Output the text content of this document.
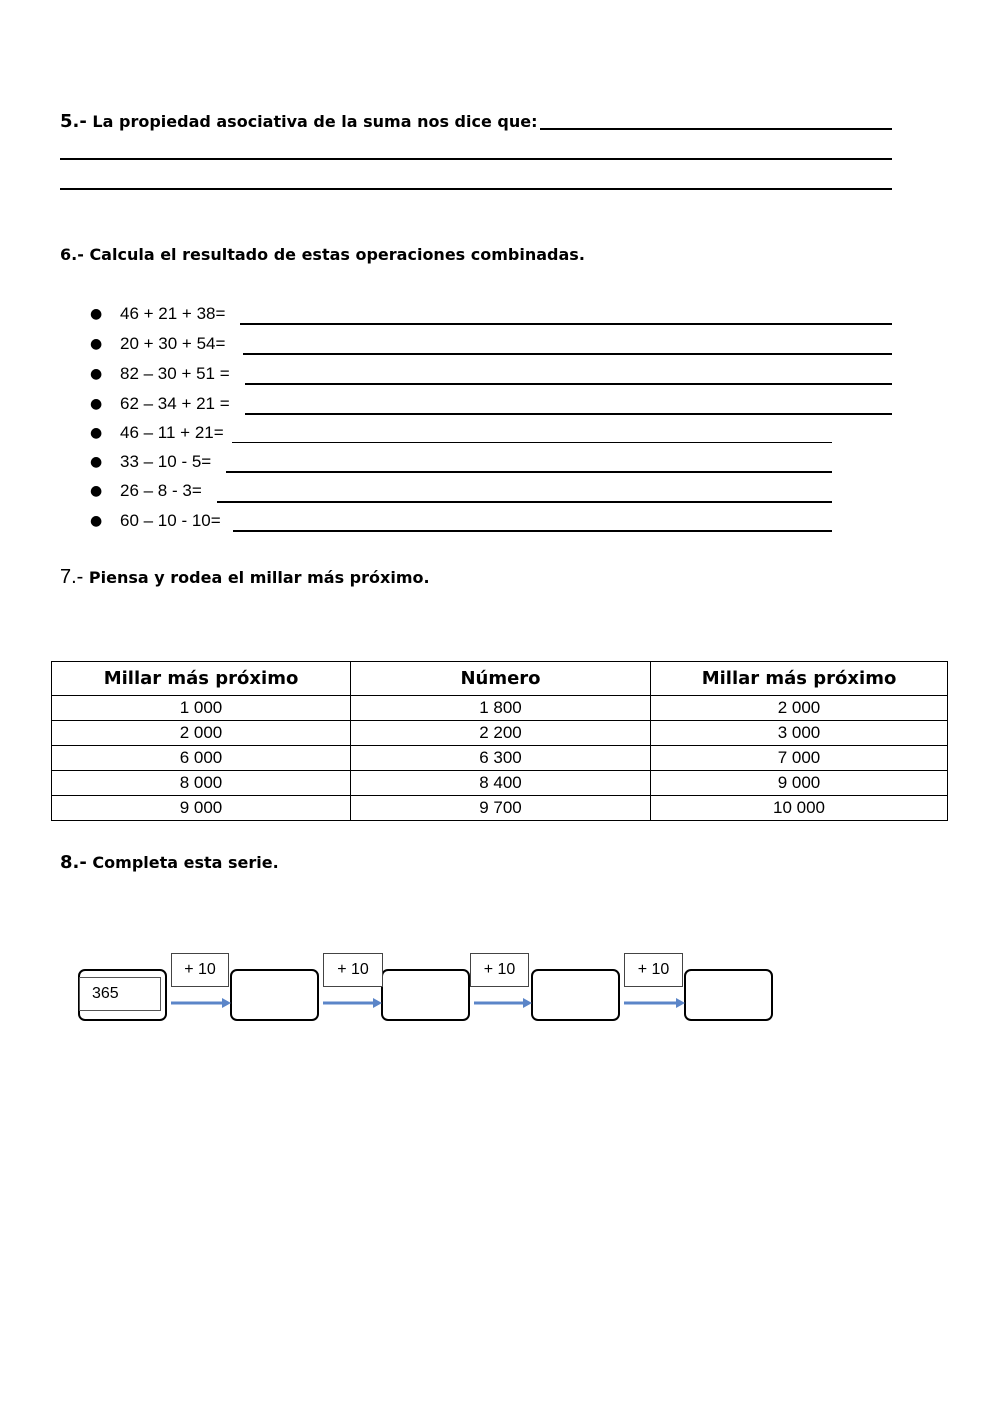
5.- La propiedad asociativa de la suma nos dice que:
6.- Calcula el resultado de estas operaciones combinadas.
● 46 + 21 + 38=
● 20 + 30 + 54=
● 82 – 30 + 51 =
● 62 – 34 + 21 =
● 46 – 11 + 21=
● 33 – 10 - 5=
● 26 – 8 - 3=
● 60 – 10 - 10=
7.- Piensa y rodea el millar más próximo.
Millar más próximo	Número	Millar más próximo
1 000	1 800	2 000
2 000	2 200	3 000
6 000	6 300	7 000
8 000	8 400	9 000
9 000	9 700	10 000
8.- Completa esta serie.
365
+ 10	+ 10	+ 10	+ 10
